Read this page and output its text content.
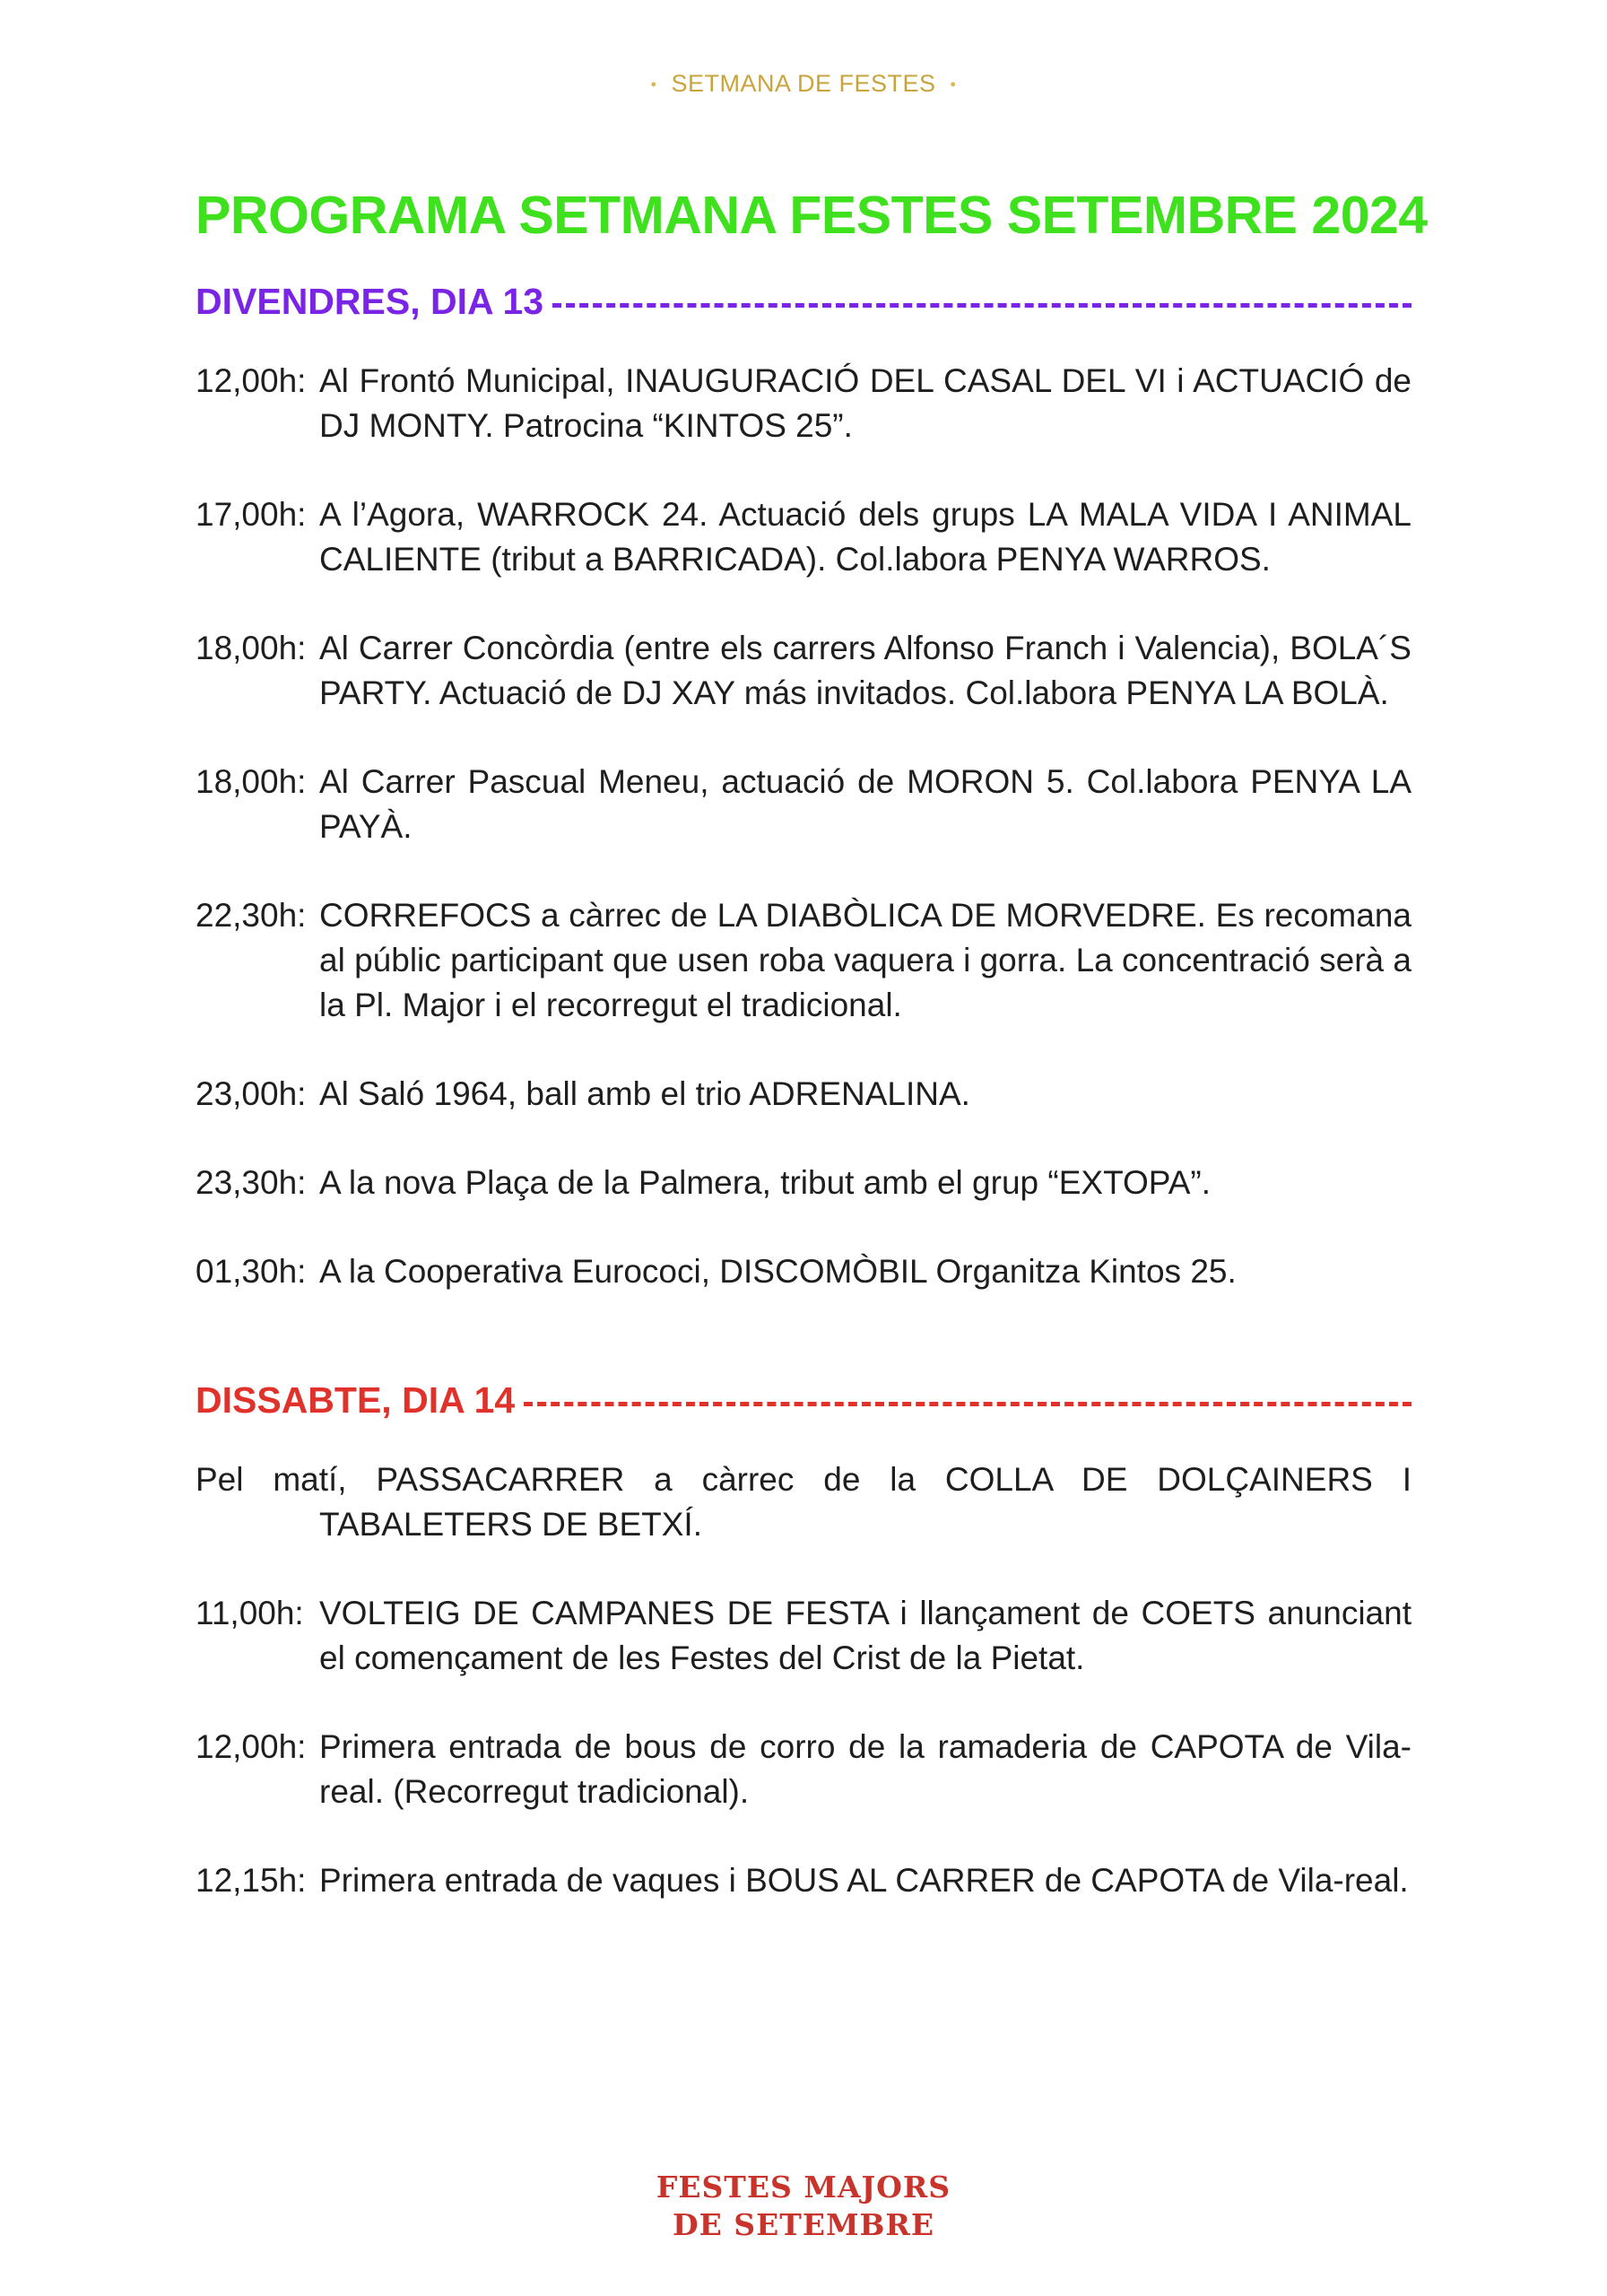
• SETMANA DE FESTES •
PROGRAMA SETMANA FESTES SETEMBRE 2024
DIVENDRES, DIA 13
12,00h: Al Frontó Municipal, INAUGURACIÓ DEL CASAL DEL VI i ACTUACIÓ de DJ MONTY. Patrocina “KINTOS 25”.
17,00h: A l’Agora, WARROCK 24. Actuació dels grups LA MALA VIDA I ANIMAL CALIENTE (tribut a BARRICADA). Col.labora PENYA WARROS.
18,00h: Al Carrer Concòrdia (entre els carrers Alfonso Franch i Valencia), BOLA´S PARTY. Actuació de DJ XAY más invitados. Col.labora PENYA LA BOLÀ.
18,00h: Al Carrer Pascual Meneu, actuació de MORON 5. Col.labora PENYA LA PAYÀ.
22,30h: CORREFOCS a càrrec de LA DIABÒLICA DE MORVEDRE. Es recomana al públic participant que usen roba vaquera i gorra. La concentració serà a la Pl. Major i el recorregut el tradicional.
23,00h: Al Saló 1964, ball amb el trio ADRENALINA.
23,30h: A la nova Plaça de la Palmera, tribut amb el grup “EXTOPA”.
01,30h: A la Cooperativa Eurococi, DISCOMÒBIL Organitza Kintos 25.
DISSABTE, DIA 14
Pel matí, PASSACARRER a càrrec de la COLLA DE DOLÇAINERS I TABALETERS DE BETXÍ.
11,00h: VOLTEIG DE CAMPANES DE FESTA i llançament de COETS anunciant el començament de les Festes del Crist de la Pietat.
12,00h: Primera entrada de bous de corro de la ramaderia de CAPOTA de Vila-real. (Recorregut tradicional).
12,15h: Primera entrada de vaques i BOUS AL CARRER de CAPOTA de Vila-real.
FESTES MAJORS
DE SETEMBRE
